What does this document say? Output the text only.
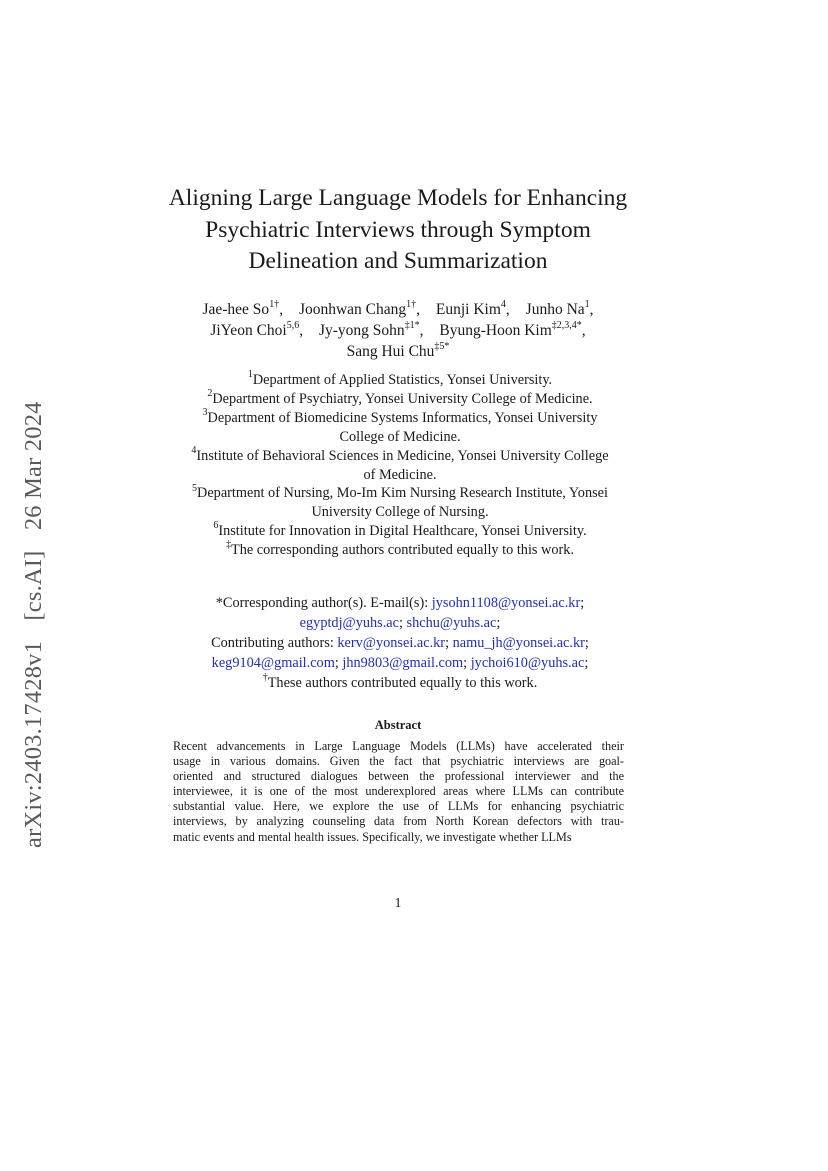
arXiv:2403.17428v1 [cs.AI] 26 Mar 2024
Aligning Large Language Models for Enhancing
Psychiatric Interviews through Symptom
Delineation and Summarization
Jae-hee $So^{1\dagger}$, Joonhwan Chang$^{1\dagger}$, Eunji Kim$^4$, Junho Na$^1$,
JiYeon Choi$^{5,6}$, Jy-yong Sohn$^{\ddagger 1*}$, Byung-Hoon Kim$^{\ddagger 2,3,4*}$,
Sang Hui Chu$^{\ddagger 5*}$
$^1$Department of Applied Statistics, Yonsei University.
$^2$Department of Psychiatry, Yonsei University College of Medicine.
$^3$Department of Biomedicine Systems Informatics, Yonsei University
College of Medicine.
$^4$Institute of Behavioral Sciences in Medicine, Yonsei University College
of Medicine.
$^5$Department of Nursing, Mo-Im Kim Nursing Research Institute, Yonsei
University College of Nursing.
$^6$Institute for Innovation in Digital Healthcare, Yonsei University.
‡The corresponding authors contributed equally to this work.
*Corresponding author(s). E-mail(s): jysohn1108@yonsei.ac.kr;
egyptdj@yuhs.ac; shchu@yuhs.ac;
Contributing authors: kerv@yonsei.ac.kr; namu_jh@yonsei.ac.kr;
keg9104@gmail.com; jhn9803@gmail.com; jychoi610@yuhs.ac;
†These authors contributed equally to this work.
Abstract
Recent advancements in Large Language Models (LLMs) have accelerated their
usage in various domains. Given the fact that psychiatric interviews are goal-
oriented and structured dialogues between the professional interviewer and the
interviewee, it is one of the most underexplored areas where LLMs can contribute
substantial value. Here, we explore the use of LLMs for enhancing psychiatric
interviews, by analyzing counseling data from North Korean defectors with trau-
matic events and mental health issues. Specifically, we investigate whether LLMs
1
